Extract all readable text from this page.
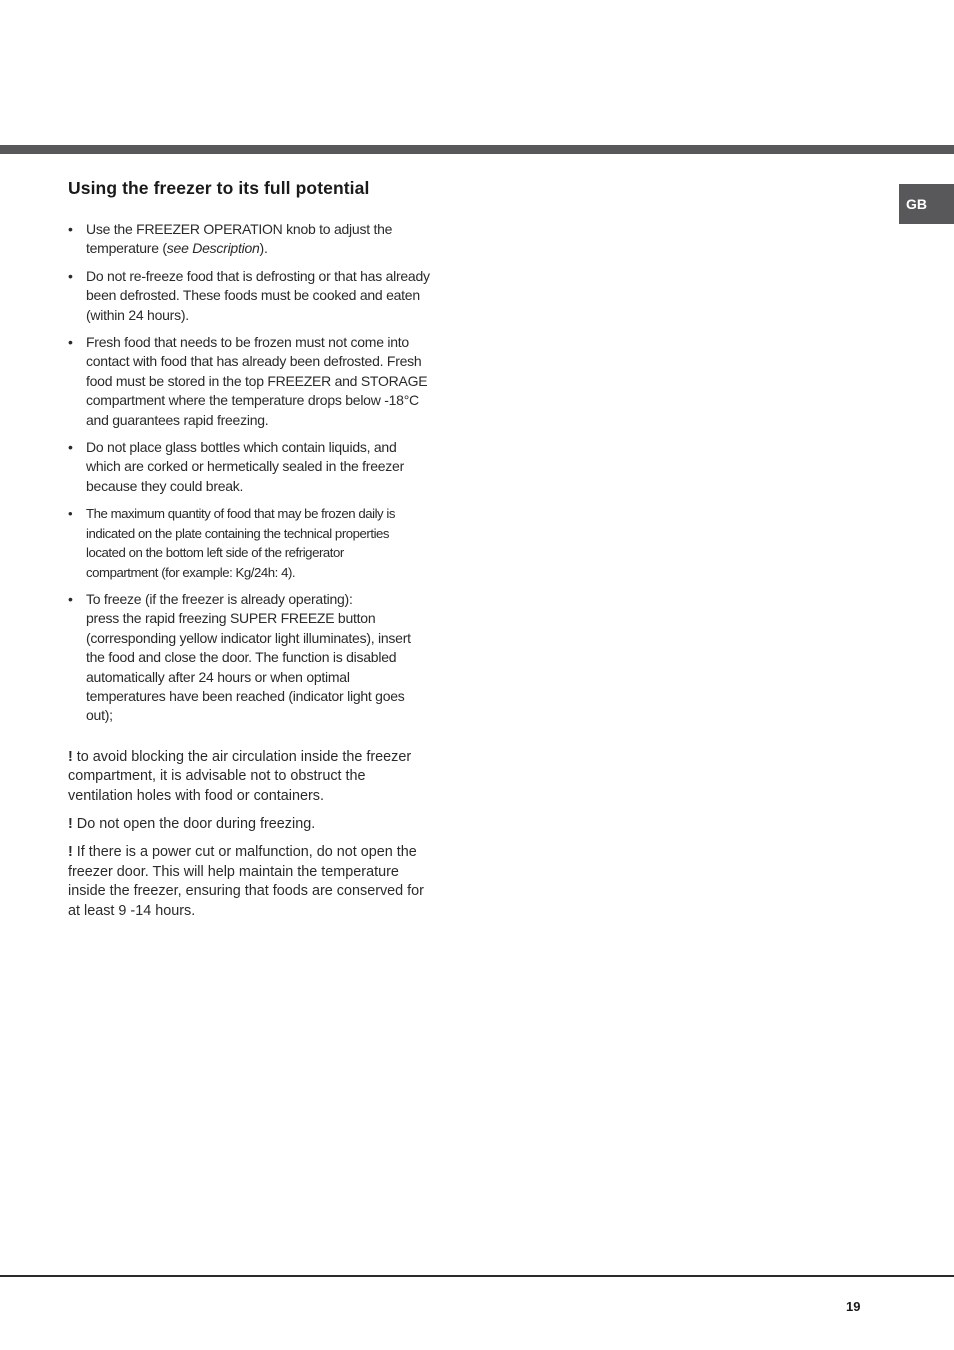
GB
Using the freezer to its full potential
• Use the FREEZER OPERATION knob to adjust the
temperature (see Description).
• Do not re-freeze food that is defrosting or that has already
been defrosted. These foods must be cooked and eaten
(within 24 hours).
• Fresh food that needs to be frozen must not come into
contact with food that has already been defrosted. Fresh
food must be stored in the top FREEZER and STORAGE
compartment where the temperature drops below -18°C
and guarantees rapid freezing.
• Do not place glass bottles which contain liquids, and
which are corked or hermetically sealed in the freezer
because they could break.
• The maximum quantity of food that may be frozen daily is
indicated on the plate containing the technical properties
located on the bottom left side of the refrigerator
compartment (for example: Kg/24h: 4).
• To freeze (if the freezer is already operating):
press the rapid freezing SUPER FREEZE button
(corresponding yellow indicator light illuminates), insert
the food and close the door. The function is disabled
automatically after 24 hours or when optimal
temperatures have been reached (indicator light goes
out);

! to avoid blocking the air circulation inside the freezer
compartment, it is advisable not to obstruct the
ventilation holes with food or containers.

! Do not open the door during freezing.

! If there is a power cut or malfunction, do not open the
freezer door. This will help maintain the temperature
inside the freezer, ensuring that foods are conserved for
at least 9 -14 hours.

19
